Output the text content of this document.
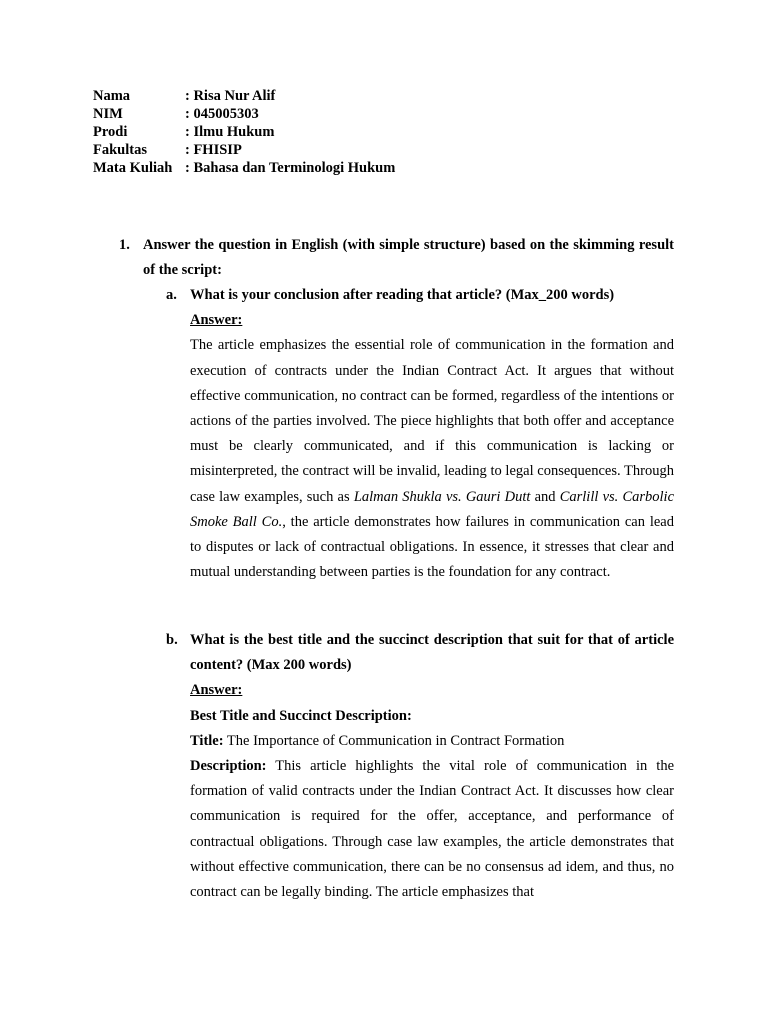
Nama	: Risa Nur Alif
NIM	: 045005303
Prodi	: Ilmu Hukum
Fakultas	: FHISIP
Mata Kuliah : Bahasa dan Terminologi Hukum
1. Answer the question in English (with simple structure) based on the skimming result of the script:
a. What is your conclusion after reading that article? (Max_200 words)
Answer:
The article emphasizes the essential role of communication in the formation and execution of contracts under the Indian Contract Act. It argues that without effective communication, no contract can be formed, regardless of the intentions or actions of the parties involved. The piece highlights that both offer and acceptance must be clearly communicated, and if this communication is lacking or misinterpreted, the contract will be invalid, leading to legal consequences. Through case law examples, such as Lalman Shukla vs. Gauri Dutt and Carlill vs. Carbolic Smoke Ball Co., the article demonstrates how failures in communication can lead to disputes or lack of contractual obligations. In essence, it stresses that clear and mutual understanding between parties is the foundation for any contract.
b. What is the best title and the succinct description that suit for that of article content? (Max 200 words)
Answer:
Best Title and Succinct Description:
Title: The Importance of Communication in Contract Formation
Description: This article highlights the vital role of communication in the formation of valid contracts under the Indian Contract Act. It discusses how clear communication is required for the offer, acceptance, and performance of contractual obligations. Through case law examples, the article demonstrates that without effective communication, there can be no consensus ad idem, and thus, no contract can be legally binding. The article emphasizes that
